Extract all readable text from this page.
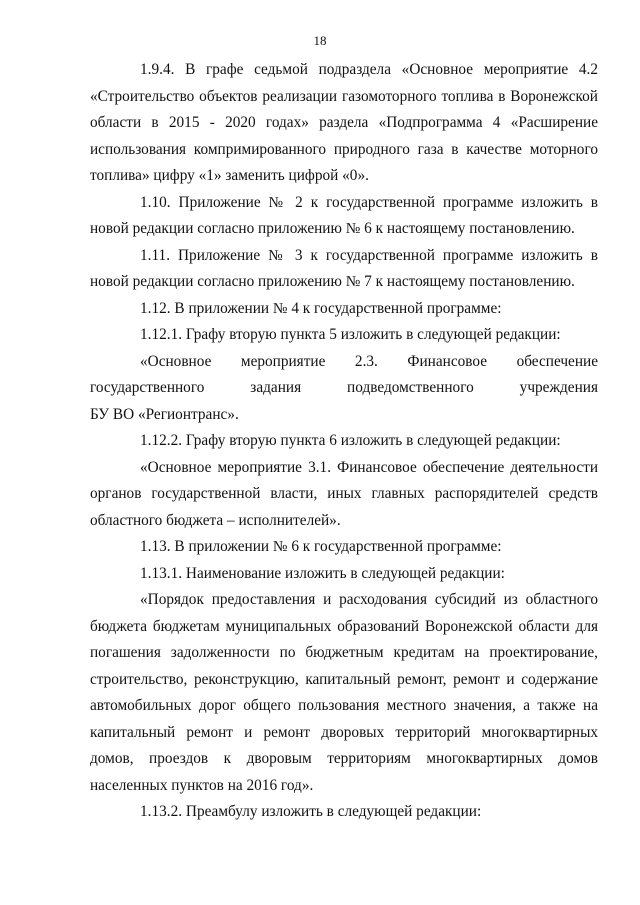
18

1.9.4. В графе седьмой подраздела «Основное мероприятие 4.2 «Строительство объектов реализации газомоторного топлива в Воронежской области в 2015 - 2020 годах» раздела «Подпрограмма 4 «Расширение использования компримированного природного газа в качестве моторного топлива» цифру «1» заменить цифрой «0».

1.10. Приложение № 2 к государственной программе изложить в новой редакции согласно приложению № 6 к настоящему постановлению.

1.11. Приложение № 3 к государственной программе изложить в новой редакции согласно приложению № 7 к настоящему постановлению.

1.12. В приложении № 4 к государственной программе:

1.12.1. Графу вторую пункта 5 изложить в следующей редакции:

«Основное мероприятие 2.3. Финансовое обеспечение государственного задания подведомственного учреждения

БУ ВО «Регионтранс».

1.12.2. Графу вторую пункта 6 изложить в следующей редакции:

«Основное мероприятие 3.1. Финансовое обеспечение деятельности органов государственной власти, иных главных распорядителей средств областного бюджета – исполнителей».

1.13. В приложении № 6 к государственной программе:

1.13.1. Наименование изложить в следующей редакции:

«Порядок предоставления и расходования субсидий из областного бюджета бюджетам муниципальных образований Воронежской области для погашения задолженности по бюджетным кредитам на проектирование, строительство, реконструкцию, капитальный ремонт, ремонт и содержание автомобильных дорог общего пользования местного значения, а также на капитальный ремонт и ремонт дворовых территорий многоквартирных домов, проездов к дворовым территориям многоквартирных домов населенных пунктов на 2016 год».

1.13.2. Преамбулу изложить в следующей редакции:
